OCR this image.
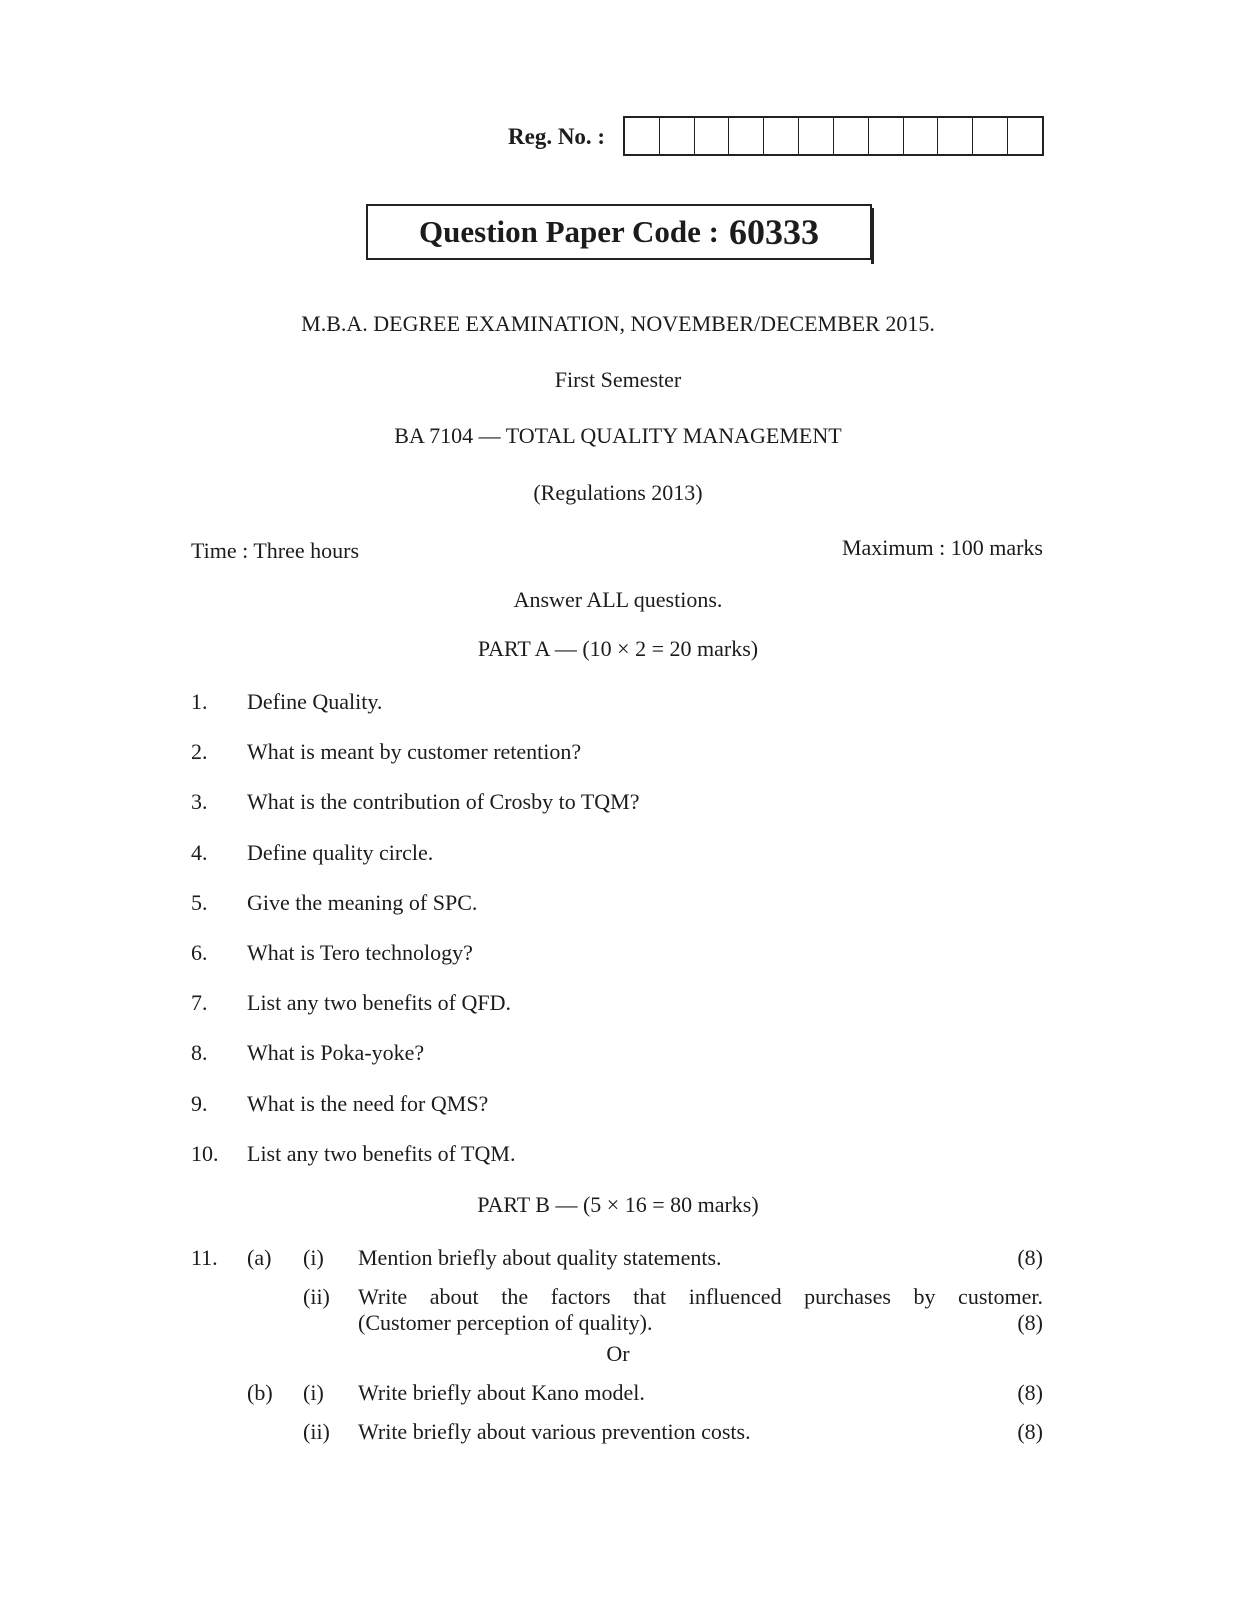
Reg. No. :
Question Paper Code : 60333
M.B.A. DEGREE EXAMINATION, NOVEMBER/DECEMBER 2015.
First Semester
BA 7104 — TOTAL QUALITY MANAGEMENT
(Regulations 2013)
Time : Three hours	Maximum : 100 marks
Answer ALL questions.
PART A — (10 × 2 = 20 marks)
1. Define Quality.
2. What is meant by customer retention?
3. What is the contribution of Crosby to TQM?
4. Define quality circle.
5. Give the meaning of SPC.
6. What is Tero technology?
7. List any two benefits of QFD.
8. What is Poka-yoke?
9. What is the need for QMS?
10. List any two benefits of TQM.
PART B — (5 × 16 = 80 marks)
11. (a) (i) Mention briefly about quality statements.	(8)
(ii) Write about the factors that influenced purchases by customer.
(Customer perception of quality).	(8)
Or
(b) (i) Write briefly about Kano model.	(8)
(ii) Write briefly about various prevention costs.	(8)
